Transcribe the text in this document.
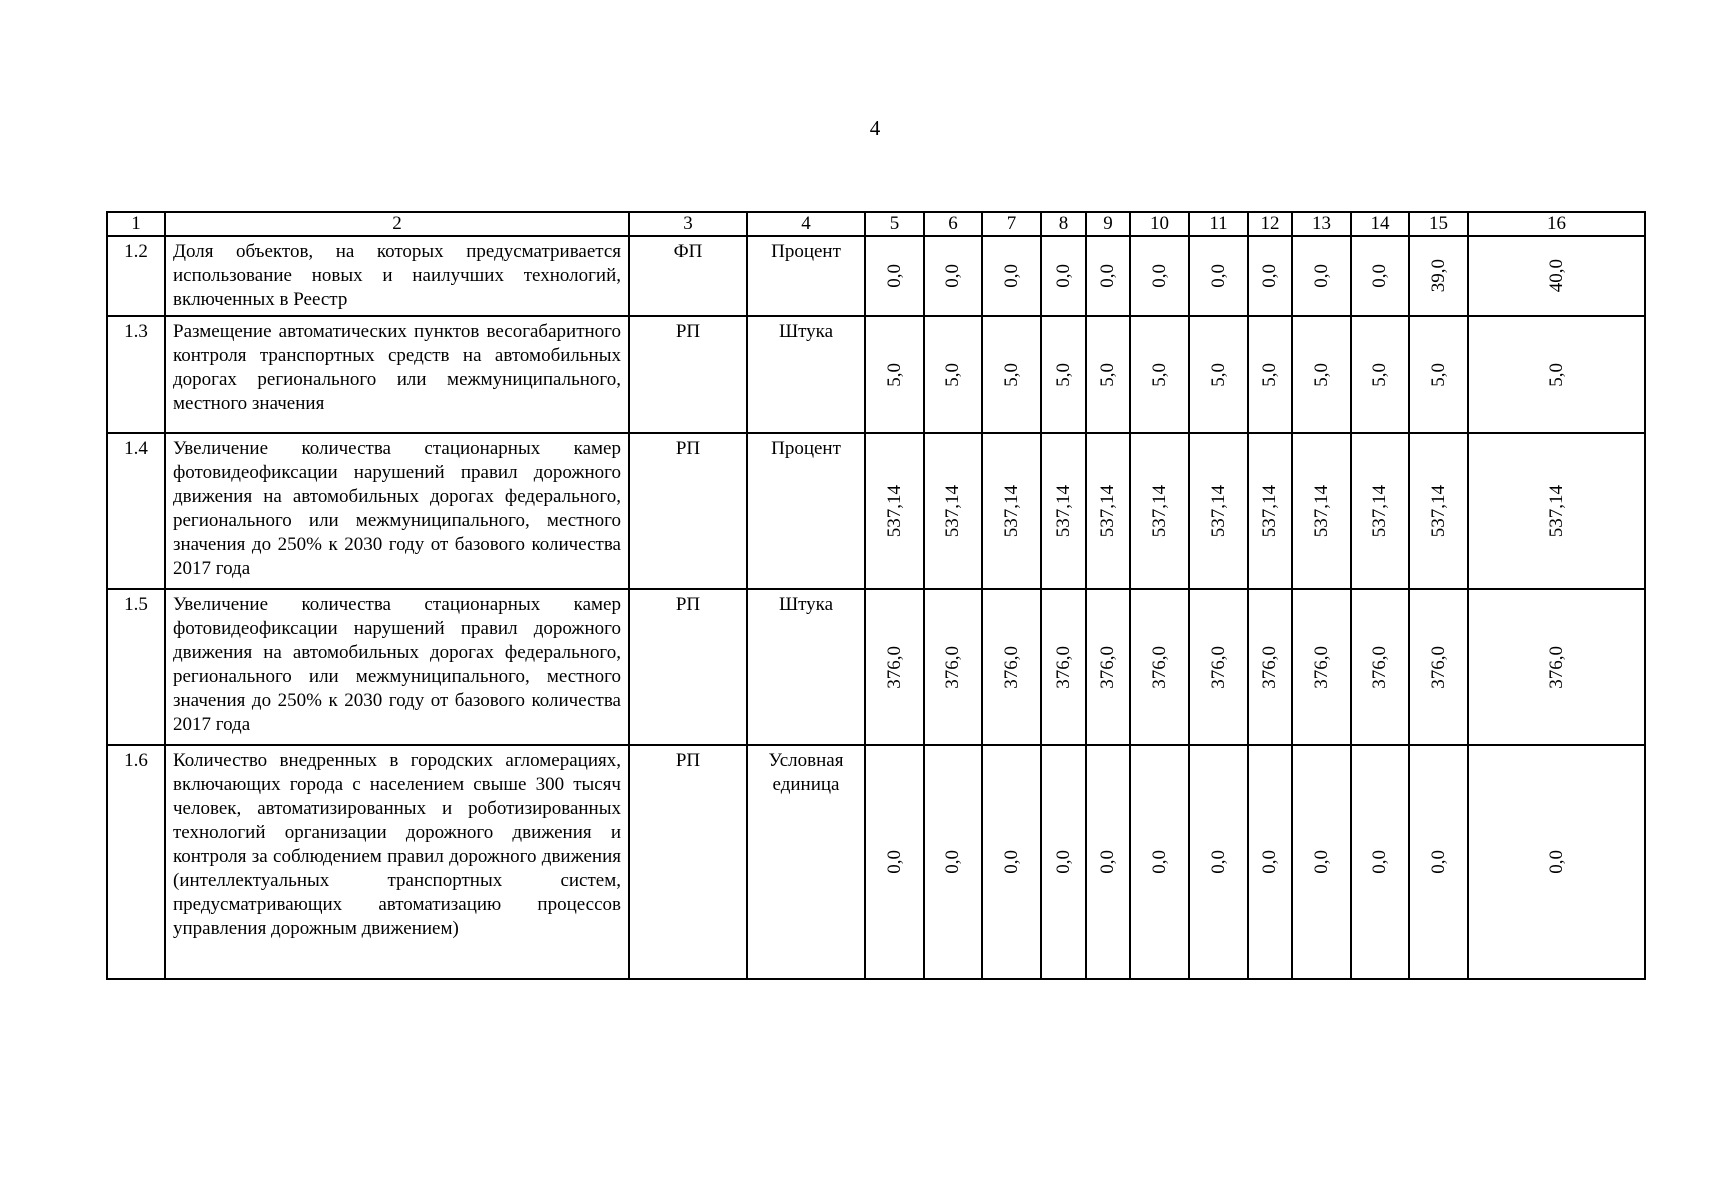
4
1	2	3	4	5	6	7	8	9	10	11	12	13	14	15	16
1.2	Доля объектов, на которых предусматривается использование новых и наилучших технологий, включенных в Реестр	ФП	Процент	0,0	0,0	0,0	0,0	0,0	0,0	0,0	0,0	0,0	0,0	39,0	40,0

1.3	Размещение автоматических пунктов весогабаритного контроля транспортных средств на автомобильных дорогах регионального или межмуниципального, местного значения	РП	Штука	5,0	5,0	5,0	5,0	5,0	5,0	5,0	5,0	5,0	5,0	5,0	5,0

1.4	Увеличение количества стационарных камер фотовидеофиксации нарушений правил дорожного движения на автомобильных дорогах федерального, регионального или межмуниципального, местного значения до 250% к 2030 году от базового количества 2017 года	РП	Процент	537,14	537,14	537,14	537,14	537,14	537,14	537,14	537,14	537,14	537,14	537,14	537,14

1.5	Увеличение количества стационарных камер фотовидеофиксации нарушений правил дорожного движения на автомобильных дорогах федерального, регионального или межмуниципального, местного значения до 250% к 2030 году от базового количества 2017 года	РП	Штука	376,0	376,0	376,0	376,0	376,0	376,0	376,0	376,0	376,0	376,0	376,0	376,0

1.6	Количество внедренных в городских агломерациях, включающих города с населением свыше 300 тысяч человек, автоматизированных и роботизированных технологий организации дорожного движения и контроля за соблюдением правил дорожного движения (интеллектуальных транспортных систем, предусматривающих автоматизацию процессов управления дорожным движением)	РП	Условная единица	0,0	0,0	0,0	0,0	0,0	0,0	0,0	0,0	0,0	0,0	0,0	0,0
